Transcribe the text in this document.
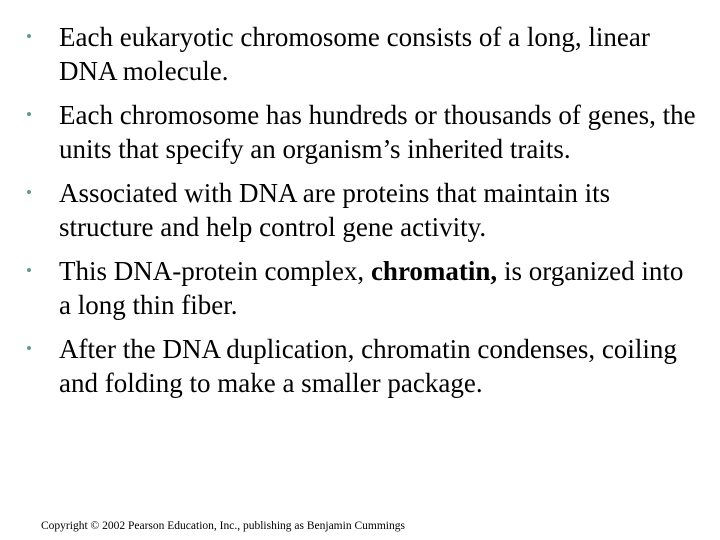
• Each eukaryotic chromosome consists of a long, linear DNA molecule.
• Each chromosome has hundreds or thousands of genes, the units that specify an organism’s inherited traits.
• Associated with DNA are proteins that maintain its structure and help control gene activity.
• This DNA-protein complex, chromatin, is organized into a long thin fiber.
• After the DNA duplication, chromatin condenses, coiling and folding to make a smaller package.
Copyright © 2002 Pearson Education, Inc., publishing as Benjamin Cummings
